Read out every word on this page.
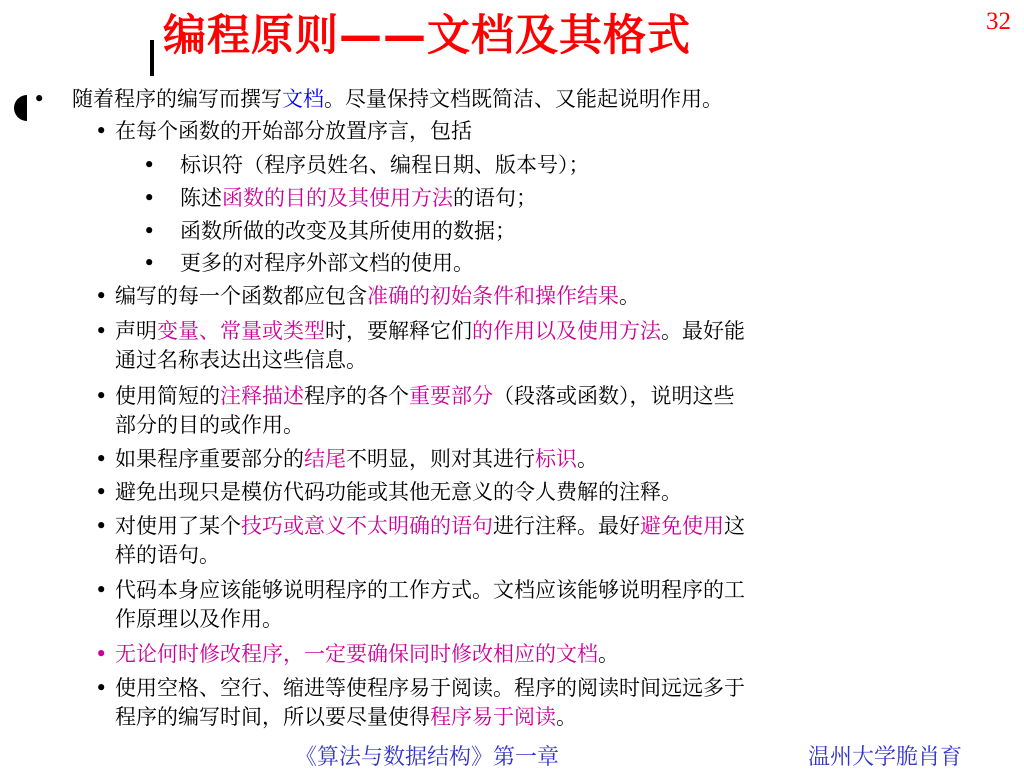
编程原则——文档及其格式	32
• 随着程序的编写而撰写文档。尽量保持文档既简洁、又能起说明作用。
• 在每个函数的开始部分放置序言，包括
• 标识符（程序员姓名、编程日期、版本号）；
• 陈述函数的目的及其使用方法的语句；
• 函数所做的改变及其所使用的数据；
• 更多的对程序外部文档的使用。
• 编写的每一个函数都应包含准确的初始条件和操作结果。
• 声明变量、常量或类型时，要解释它们的作用以及使用方法。最好能
通过名称表达出这些信息。
• 使用简短的注释描述程序的各个重要部分（段落或函数），说明这些
部分的目的或作用。
• 如果程序重要部分的结尾不明显，则对其进行标识。
• 避免出现只是模仿代码功能或其他无意义的令人费解的注释。
• 对使用了某个技巧或意义不太明确的语句进行注释。最好避免使用这
样的语句。
• 代码本身应该能够说明程序的工作方式。文档应该能够说明程序的工
作原理以及作用。
• 无论何时修改程序，一定要确保同时修改相应的文档。
• 使用空格、空行、缩进等使程序易于阅读。程序的阅读时间远远多于
程序的编写时间，所以要尽量使得程序易于阅读。
《算法与数据结构》第一章	温州大学脆肖育
